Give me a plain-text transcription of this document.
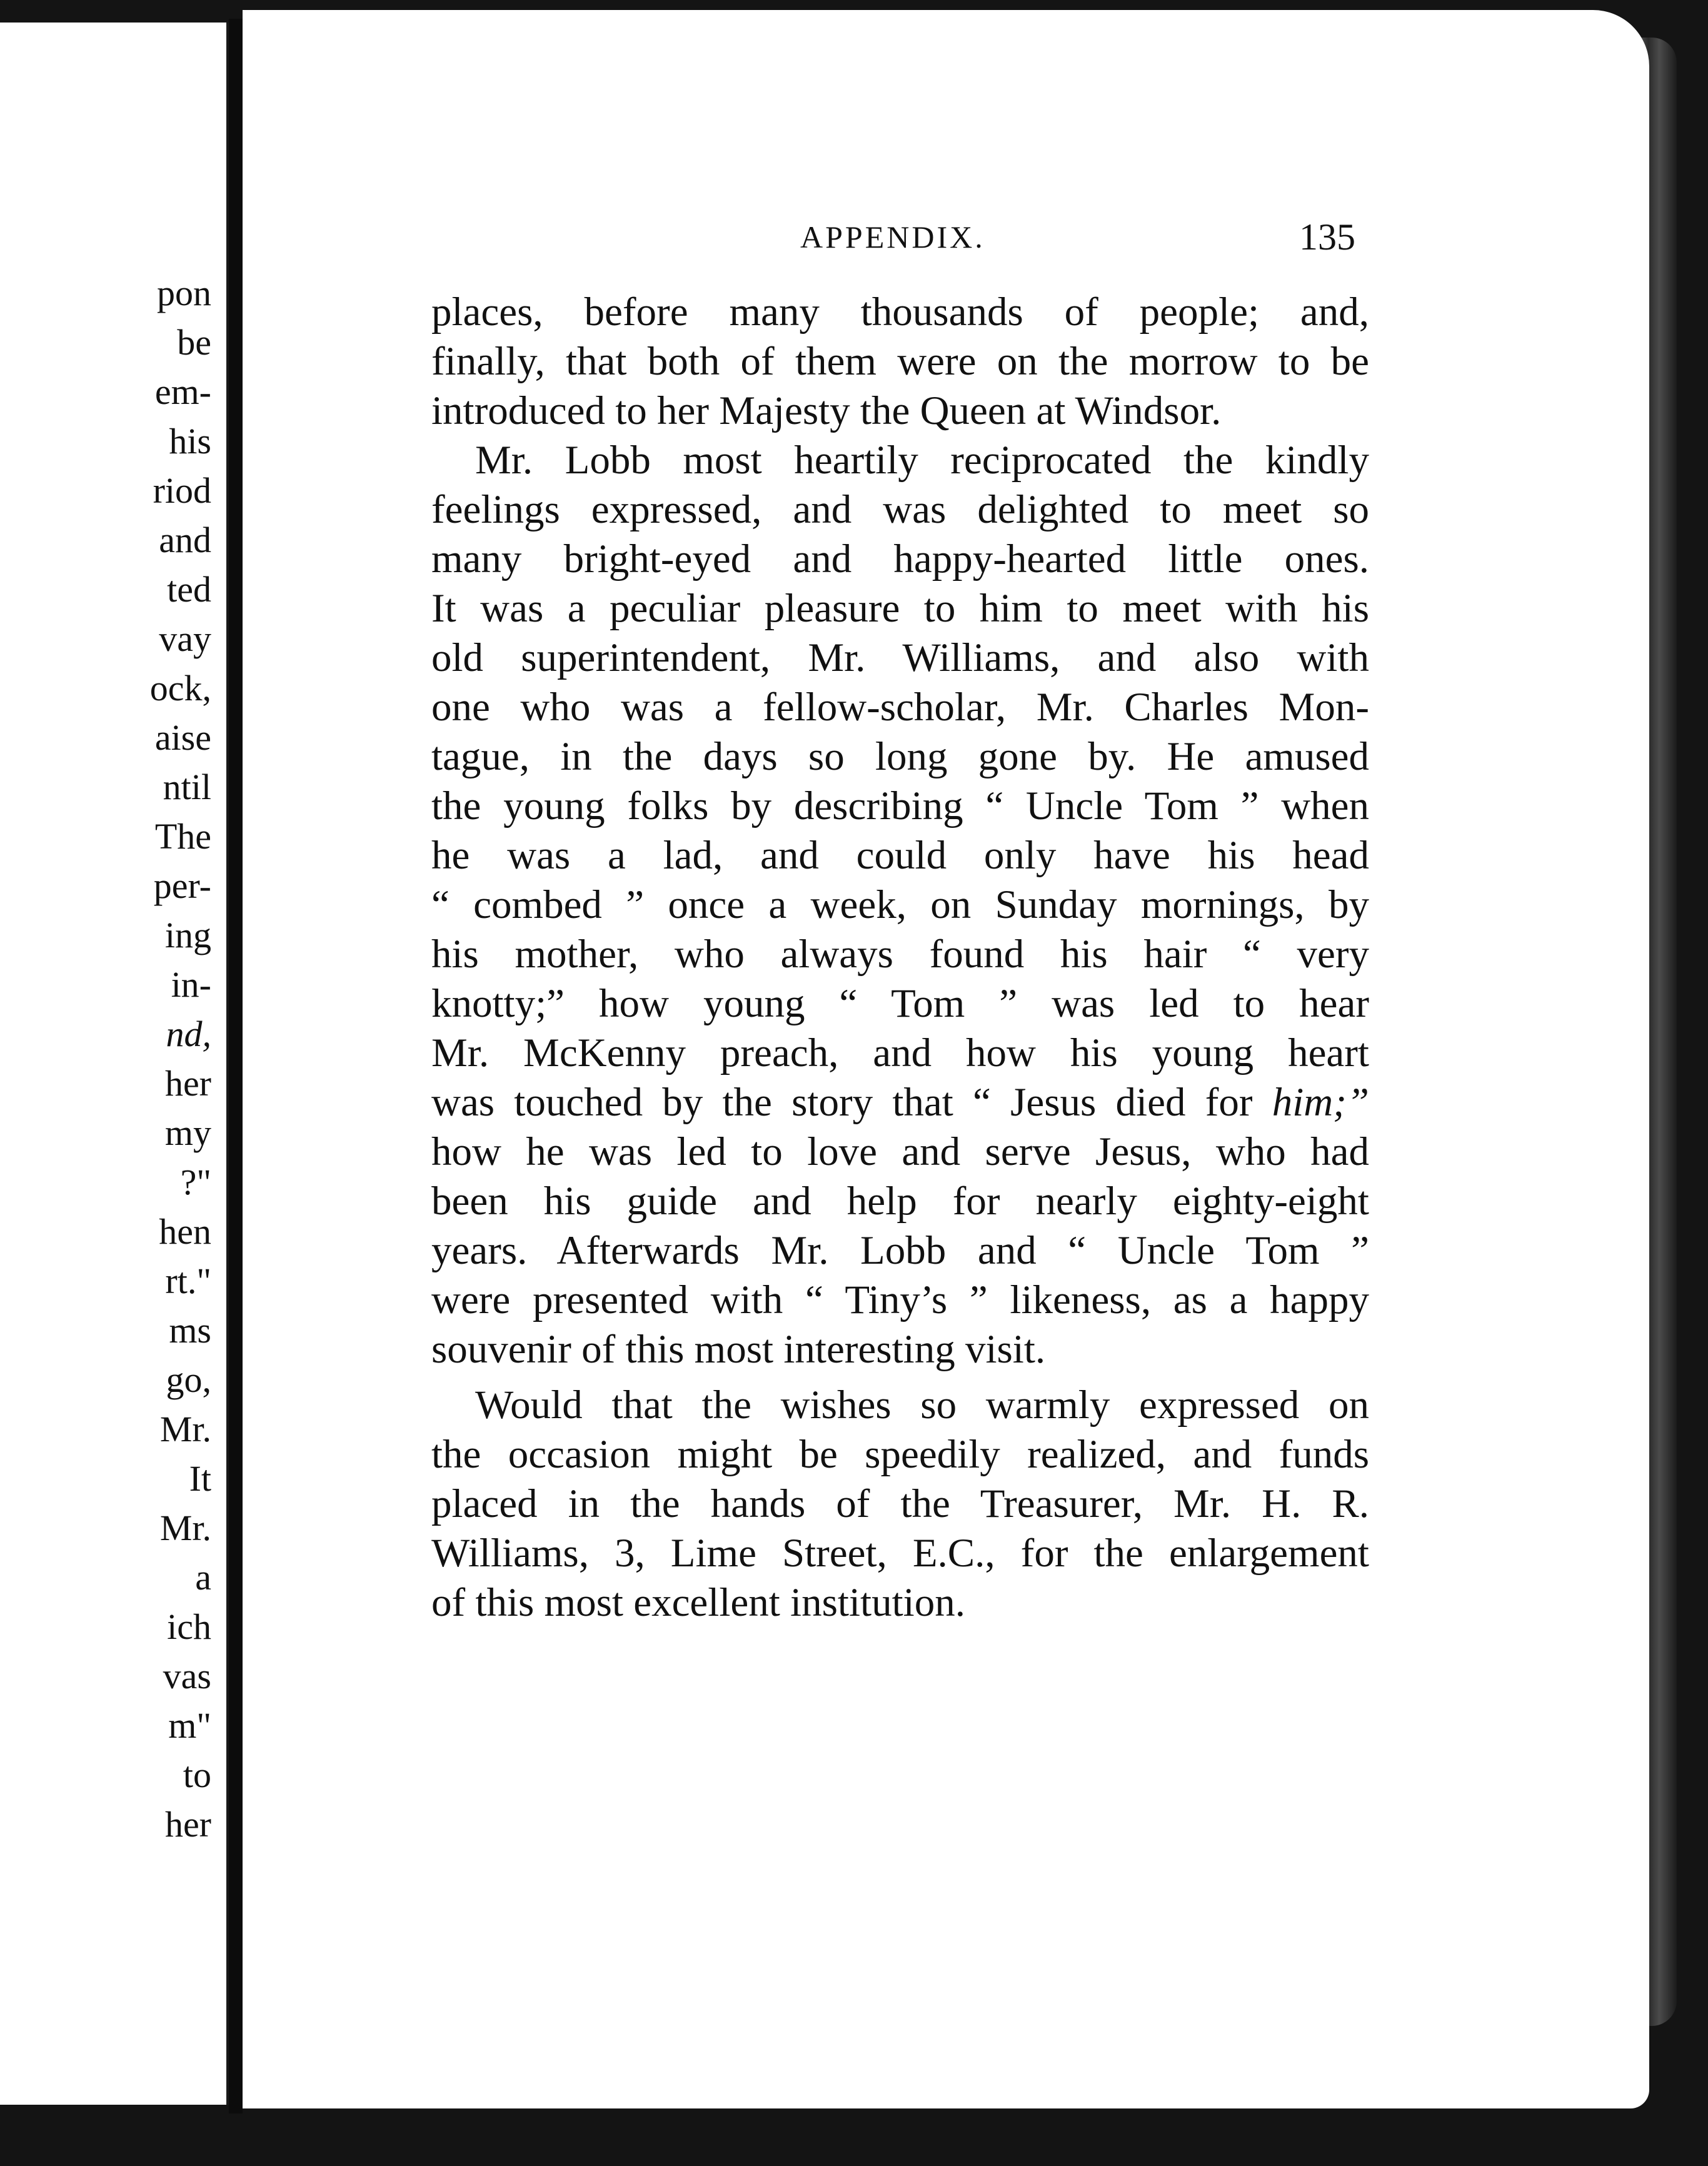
pon
be
em-
his
riod
and
ted
vay
ock,
aise
ntil
The
per-
ing
in-
nd,
her
my
?"
hen
rt."
ms
go,
Mr.
It
Mr.
a
ich
vas
m"
to
her
APPENDIX.	135
places, before many thousands of people; and,
finally, that both of them were on the morrow to be
introduced to her Majesty the Queen at Windsor.
Mr. Lobb most heartily reciprocated the kindly
feelings expressed, and was delighted to meet so
many bright-eyed and happy-hearted little ones.
It was a peculiar pleasure to him to meet with his
old superintendent, Mr. Williams, and also with
one who was a fellow-scholar, Mr. Charles Mon-
tague, in the days so long gone by. He amused
the young folks by describing “ Uncle Tom ” when
he was a lad, and could only have his head
“ combed ” once a week, on Sunday mornings, by
his mother, who always found his hair “ very
knotty;” how young “ Tom ” was led to hear
Mr. McKenny preach, and how his young heart
was touched by the story that “ Jesus died for him;”
how he was led to love and serve Jesus, who had
been his guide and help for nearly eighty-eight
years. Afterwards Mr. Lobb and “ Uncle Tom ”
were presented with “ Tiny’s ” likeness, as a happy
souvenir of this most interesting visit.
Would that the wishes so warmly expressed on
the occasion might be speedily realized, and funds
placed in the hands of the Treasurer, Mr. H. R.
Williams, 3, Lime Street, E.C., for the enlargement
of this most excellent institution.
